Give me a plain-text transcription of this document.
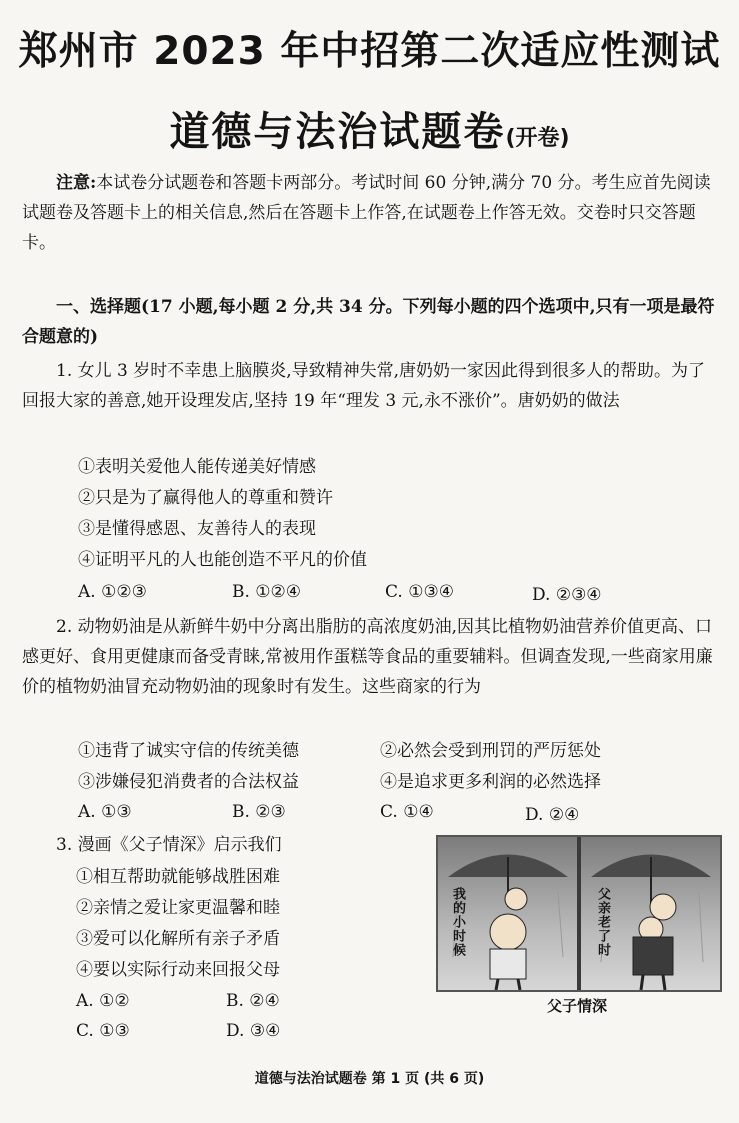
郑州市 2023 年中招第二次适应性测试
道德与法治试题卷(开卷)
注意:本试卷分试题卷和答题卡两部分。考试时间 60 分钟,满分 70 分。考生应首先阅读试题卷及答题卡上的相关信息,然后在答题卡上作答,在试题卷上作答无效。交卷时只交答题卡。
一、选择题(17 小题,每小题 2 分,共 34 分。下列每小题的四个选项中,只有一项是最符合题意的)
1. 女儿 3 岁时不幸患上脑膜炎,导致精神失常,唐奶奶一家因此得到很多人的帮助。为了回报大家的善意,她开设理发店,坚持 19 年“理发 3 元,永不涨价”。唐奶奶的做法
①表明关爱他人能传递美好情感
②只是为了赢得他人的尊重和赞许
③是懂得感恩、友善待人的表现
④证明平凡的人也能创造不平凡的价值
A. ①②③	B. ①②④	C. ①③④	D. ②③④
2. 动物奶油是从新鲜牛奶中分离出脂肪的高浓度奶油,因其比植物奶油营养价值更高、口感更好、食用更健康而备受青睐,常被用作蛋糕等食品的重要辅料。但调查发现,一些商家用廉价的植物奶油冒充动物奶油的现象时有发生。这些商家的行为
①违背了诚实守信的传统美德	②必然会受到刑罚的严厉惩处
③涉嫌侵犯消费者的合法权益	④是追求更多利润的必然选择
A. ①③	B. ②③	C. ①④	D. ②④
3. 漫画《父子情深》启示我们
①相互帮助就能够战胜困难
②亲情之爱让家更温馨和睦
③爱可以化解所有亲子矛盾
④要以实际行动来回报父母
A. ①②	B. ②④
C. ①③	D. ③④
我的小时候	父亲老了时
父子情深
道德与法治试题卷 第 1 页 (共 6 页)
